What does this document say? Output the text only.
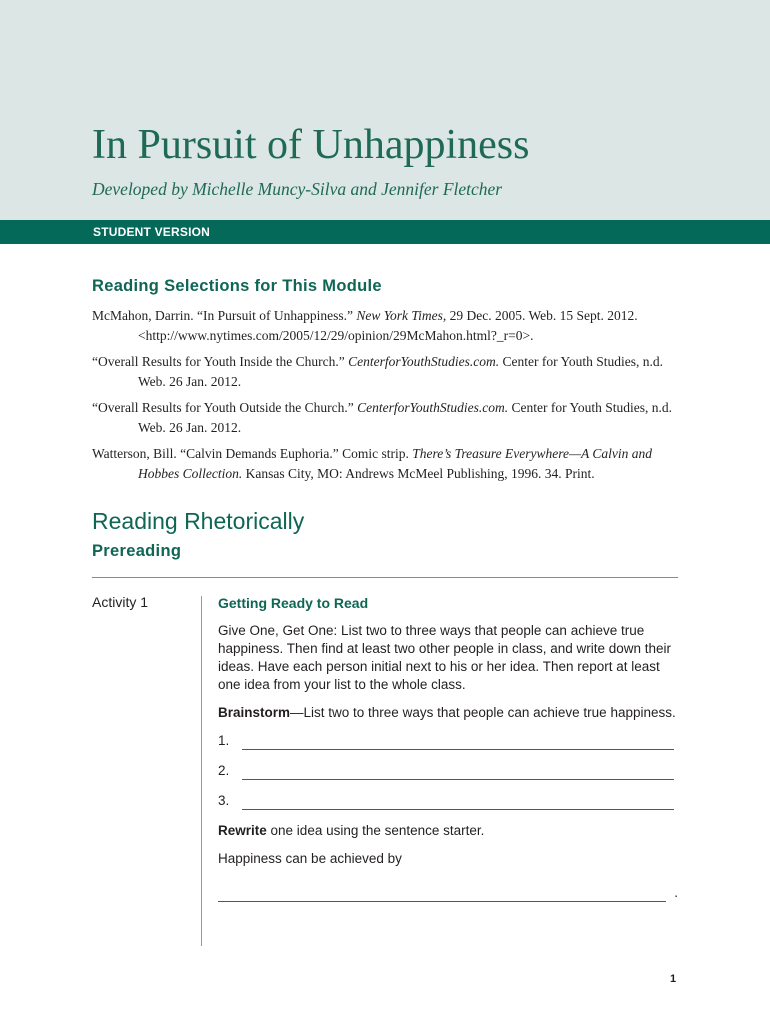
In Pursuit of Unhappiness
Developed by Michelle Muncy-Silva and Jennifer Fletcher
STUDENT VERSION
Reading Selections for This Module

McMahon, Darrin. “In Pursuit of Unhappiness.” New York Times, 29 Dec. 2005. Web. 15 Sept. 2012. <http://www.nytimes.com/2005/12/29/opinion/29McMahon.html?_r=0>.

“Overall Results for Youth Inside the Church.” CenterforYouthStudies.com. Center for Youth Studies, n.d. Web. 26 Jan. 2012.

“Overall Results for Youth Outside the Church.” CenterforYouthStudies.com. Center for Youth Studies, n.d. Web. 26 Jan. 2012.

Watterson, Bill. “Calvin Demands Euphoria.” Comic strip. There’s Treasure Everywhere—A Calvin and Hobbes Collection. Kansas City, MO: Andrews McMeel Publishing, 1996. 34. Print.

Reading Rhetorically
Prereading
Activity 1	Getting Ready to Read

Give One, Get One: List two to three ways that people can achieve true happiness. Then find at least two other people in class, and write down their ideas. Have each person initial next to his or her idea. Then report at least one idea from your list to the whole class.

Brainstorm—List two to three ways that people can achieve true happiness.

1.
2.
3.

Rewrite one idea using the sentence starter.

Happiness can be achieved by

.
1
